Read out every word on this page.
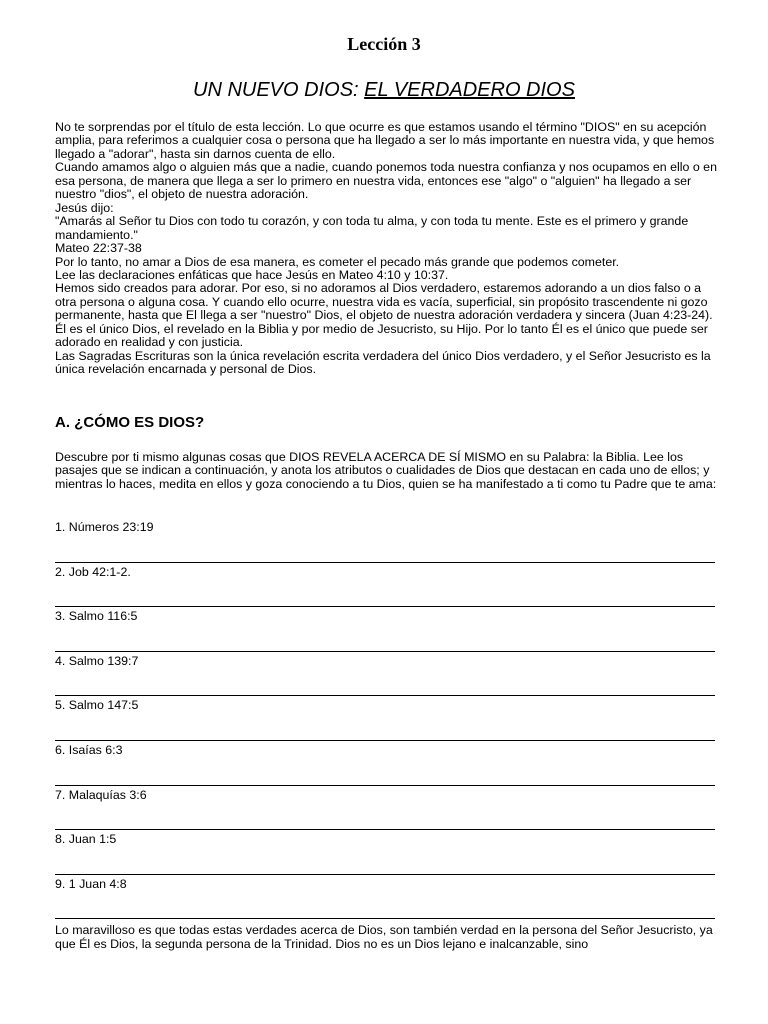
Lección 3
UN NUEVO DIOS: EL VERDADERO DIOS

No te sorprendas por el título de esta lección. Lo que ocurre es que estamos usando el término "DIOS" en su acepción amplia, para referimos a cualquier cosa o persona que ha llegado a ser lo más importante en nuestra vida, y que hemos llegado a "adorar", hasta sin darnos cuenta de ello.

Cuando amamos algo o alguien más que a nadie, cuando ponemos toda nuestra confianza y nos ocupamos en ello o en esa persona, de manera que llega a ser lo primero en nuestra vida, entonces ese "algo" o "alguien" ha llegado a ser nuestro "dios", el objeto de nuestra adoración.

Jesús dijo:

"Amarás al Señor tu Dios con todo tu corazón, y con toda tu alma, y con toda tu mente. Este es el primero y grande mandamiento."

Mateo 22:37-38

Por lo tanto, no amar a Dios de esa manera, es cometer el pecado más grande que podemos cometer.

Lee las declaraciones enfáticas que hace Jesús en Mateo 4:10 y 10:37.

Hemos sido creados para adorar. Por eso, si no adoramos al Dios verdadero, estaremos adorando a un dios falso o a otra persona o alguna cosa. Y cuando ello ocurre, nuestra vida es vacía, superficial, sin propósito trascendente ni gozo permanente, hasta que El llega a ser "nuestro" Dios, el objeto de nuestra adoración verdadera y sincera (Juan 4:23-24).

Él es el único Dios, el revelado en la Biblia y por medio de Jesucristo, su Hijo. Por lo tanto Él es el único que puede ser adorado en realidad y con justicia.

Las Sagradas Escrituras son la única revelación escrita verdadera del único Dios verdadero, y el Señor Jesucristo es la única revelación encarnada y personal de Dios.

A. ¿CÓMO ES DIOS?

Descubre por ti mismo algunas cosas que DIOS REVELA ACERCA DE SÍ MISMO en su Palabra: la Biblia. Lee los pasajes que se indican a continuación, y anota los atributos o cualidades de Dios que destacan en cada uno de ellos; y mientras lo haces, medita en ellos y goza conociendo a tu Dios, quien se ha manifestado a ti como tu Padre que te ama:

1. Números 23:19
2. Job 42:1-2.
3. Salmo 116:5
4. Salmo 139:7
5. Salmo 147:5
6. Isaías 6:3
7. Malaquías 3:6
8. Juan 1:5
9. 1 Juan 4:8

Lo maravilloso es que todas estas verdades acerca de Dios, son también verdad en la persona del Señor Jesucristo, ya que Él es Dios, la segunda persona de la Trinidad. Dios no es un Dios lejano e inalcanzable, sino
